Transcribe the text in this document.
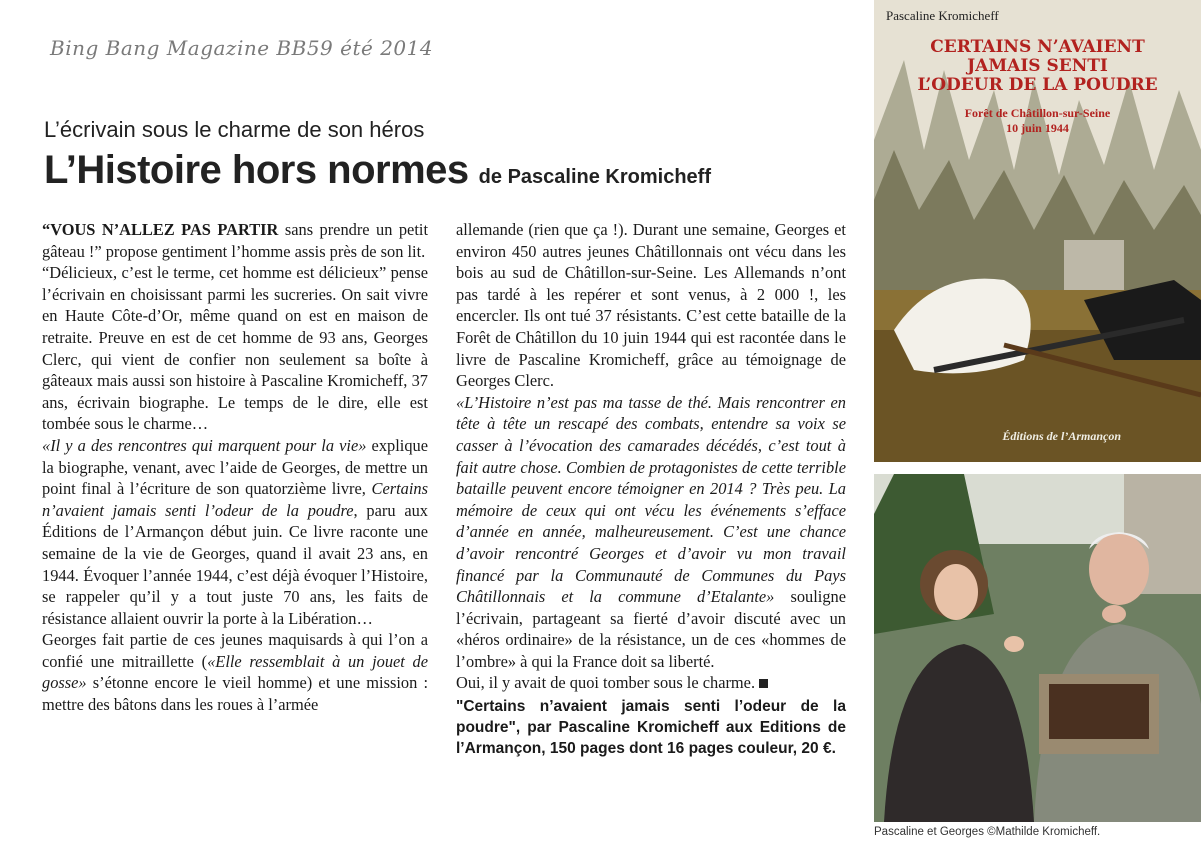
Bing Bang Magazine BB59 été 2014
L’écrivain sous le charme de son héros
L’Histoire hors normes de Pascaline Kromicheff

“VOUS N’ALLEZ PAS PARTIR sans prendre un petit gâteau !” propose gentiment l’homme assis près de son lit.

“Délicieux, c’est le terme, cet homme est délicieux” pense l’écrivain en choisissant parmi les sucreries. On sait vivre en Haute Côte-d’Or, même quand on est en maison de retraite. Preuve en est de cet homme de 93 ans, Georges Clerc, qui vient de confier non seulement sa boîte à gâteaux mais aussi son histoire à Pascaline Kromicheff, 37 ans, écrivain biographe. Le temps de le dire, elle est tombée sous le charme…

«Il y a des rencontres qui marquent pour la vie» explique la biographe, venant, avec l’aide de Georges, de mettre un point final à l’écriture de son quatorzième livre, Certains n’avaient jamais senti l’odeur de la poudre, paru aux Éditions de l’Armançon début juin. Ce livre raconte une semaine de la vie de Georges, quand il avait 23 ans, en 1944. Évoquer l’année 1944, c’est déjà évoquer l’Histoire, se rappeler qu’il y a tout juste 70 ans, les faits de résistance allaient ouvrir la porte à la Libération…

Georges fait partie de ces jeunes maquisards à qui l’on a confié une mitraillette («Elle ressemblait à un jouet de gosse» s’étonne encore le vieil homme) et une mission : mettre des bâtons dans les roues à l’armée

allemande (rien que ça !). Durant une semaine, Georges et environ 450 autres jeunes Châtillonnais ont vécu dans les bois au sud de Châtillon-sur-Seine. Les Allemands n’ont pas tardé à les repérer et sont venus, à 2 000 !, les encercler. Ils ont tué 37 résistants. C’est cette bataille de la Forêt de Châtillon du 10 juin 1944 qui est racontée dans le livre de Pascaline Kromicheff, grâce au témoignage de Georges Clerc.

«L’Histoire n’est pas ma tasse de thé. Mais rencontrer en tête à tête un rescapé des combats, entendre sa voix se casser à l’évocation des camarades décédés, c’est tout à fait autre chose. Combien de protagonistes de cette terrible bataille peuvent encore témoigner en 2014 ? Très peu. La mémoire de ceux qui ont vécu les événements s’efface d’année en année, malheureusement. C’est une chance d’avoir rencontré Georges et d’avoir vu mon travail financé par la Communauté de Communes du Pays Châtillonnais et la commune d’Etalante» souligne l’écrivain, partageant sa fierté d’avoir discuté avec un «héros ordinaire» de la résistance, un de ces «hommes de l’ombre» à qui la France doit sa liberté.

Oui, il y avait de quoi tomber sous le charme.

"Certains n’avaient jamais senti l’odeur de la poudre", par Pascaline Kromicheff aux Editions de l’Armançon, 150 pages dont 16 pages couleur, 20 €.

Pascaline Kromicheff
CERTAINS N’AVAIENT
JAMAIS SENTI
L’ODEUR DE LA POUDRE
Forêt de Châtillon-sur-Seine
10 juin 1944
Éditions de l’Armançon
Pascaline et Georges ©Mathilde Kromicheff.
